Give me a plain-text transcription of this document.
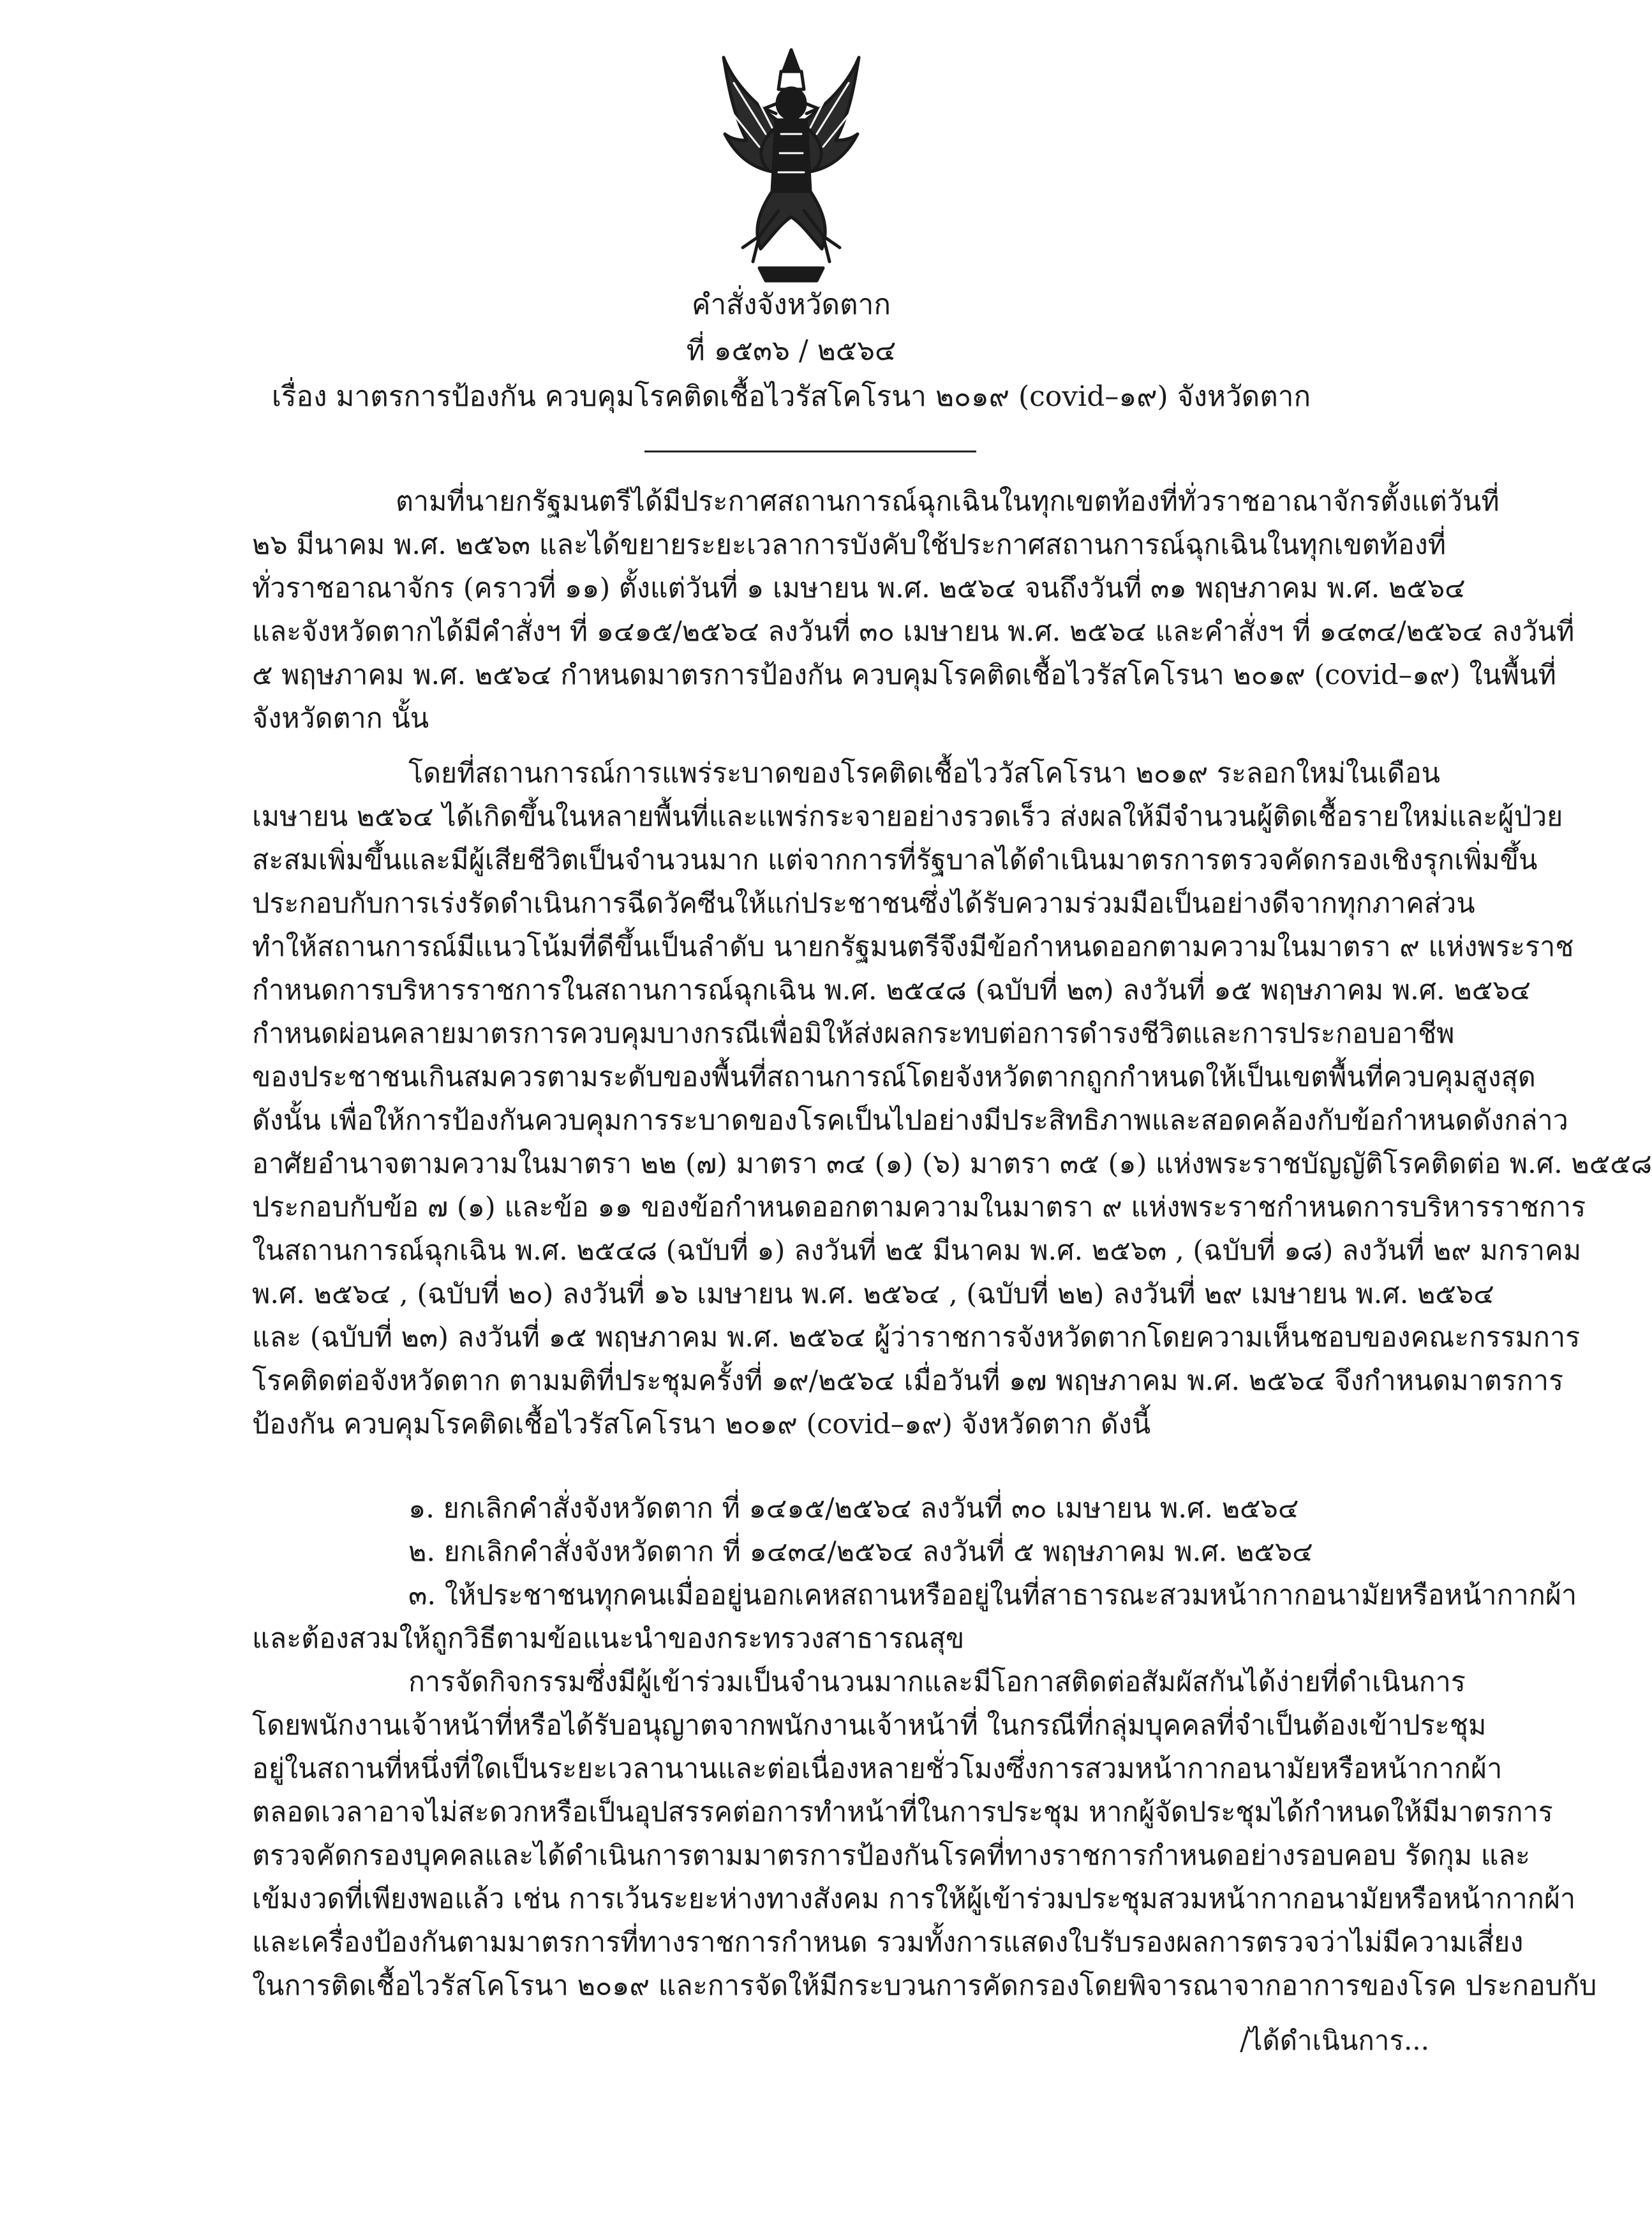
คำสั่งจังหวัดตาก
ที่ ๑๕๓๖ / ๒๕๖๔
เรื่อง มาตรการป้องกัน ควบคุมโรคติดเชื้อไวรัสโคโรนา ๒๐๑๙ (covid–๑๙) จังหวัดตาก
ตามที่นายกรัฐมนตรีได้มีประกาศสถานการณ์ฉุกเฉินในทุกเขตท้องที่ทั่วราชอาณาจักรตั้งแต่วันที่
๒๖ มีนาคม พ.ศ. ๒๕๖๓ และได้ขยายระยะเวลาการบังคับใช้ประกาศสถานการณ์ฉุกเฉินในทุกเขตท้องที่
ทั่วราชอาณาจักร (คราวที่ ๑๑) ตั้งแต่วันที่ ๑ เมษายน พ.ศ. ๒๕๖๔ จนถึงวันที่ ๓๑ พฤษภาคม พ.ศ. ๒๕๖๔
และจังหวัดตากได้มีคำสั่งฯ ที่ ๑๔๑๕/๒๕๖๔ ลงวันที่ ๓๐ เมษายน พ.ศ. ๒๕๖๔ และคำสั่งฯ ที่ ๑๔๓๔/๒๕๖๔ ลงวันที่
๕ พฤษภาคม พ.ศ. ๒๕๖๔ กำหนดมาตรการป้องกัน ควบคุมโรคติดเชื้อไวรัสโคโรนา ๒๐๑๙ (covid–๑๙) ในพื้นที่
จังหวัดตาก นั้น
โดยที่สถานการณ์การแพร่ระบาดของโรคติดเชื้อไววัสโคโรนา ๒๐๑๙ ระลอกใหม่ในเดือน
เมษายน ๒๕๖๔ ได้เกิดขึ้นในหลายพื้นที่และแพร่กระจายอย่างรวดเร็ว ส่งผลให้มีจำนวนผู้ติดเชื้อรายใหม่และผู้ป่วย
สะสมเพิ่มขึ้นและมีผู้เสียชีวิตเป็นจำนวนมาก แต่จากการที่รัฐบาลได้ดำเนินมาตรการตรวจคัดกรองเชิงรุกเพิ่มขึ้น
ประกอบกับการเร่งรัดดำเนินการฉีดวัคซีนให้แก่ประชาชนซึ่งได้รับความร่วมมือเป็นอย่างดีจากทุกภาคส่วน
ทำให้สถานการณ์มีแนวโน้มที่ดีขึ้นเป็นลำดับ นายกรัฐมนตรีจึงมีข้อกำหนดออกตามความในมาตรา ๙ แห่งพระราช
กำหนดการบริหารราชการในสถานการณ์ฉุกเฉิน พ.ศ. ๒๕๔๘ (ฉบับที่ ๒๓) ลงวันที่ ๑๕ พฤษภาคม พ.ศ. ๒๕๖๔
กำหนดผ่อนคลายมาตรการควบคุมบางกรณีเพื่อมิให้ส่งผลกระทบต่อการดำรงชีวิตและการประกอบอาชีพ
ของประชาชนเกินสมควรตามระดับของพื้นที่สถานการณ์โดยจังหวัดตากถูกกำหนดให้เป็นเขตพื้นที่ควบคุมสูงสุด
ดังนั้น เพื่อให้การป้องกันควบคุมการระบาดของโรคเป็นไปอย่างมีประสิทธิภาพและสอดคล้องกับข้อกำหนดดังกล่าว
อาศัยอำนาจตามความในมาตรา ๒๒ (๗) มาตรา ๓๔ (๑) (๖) มาตรา ๓๕ (๑) แห่งพระราชบัญญัติโรคติดต่อ พ.ศ. ๒๕๕๘
ประกอบกับข้อ ๗ (๑) และข้อ ๑๑ ของข้อกำหนดออกตามความในมาตรา ๙ แห่งพระราชกำหนดการบริหารราชการ
ในสถานการณ์ฉุกเฉิน พ.ศ. ๒๕๔๘ (ฉบับที่ ๑) ลงวันที่ ๒๕ มีนาคม พ.ศ. ๒๕๖๓ , (ฉบับที่ ๑๘) ลงวันที่ ๒๙ มกราคม
พ.ศ. ๒๕๖๔ , (ฉบับที่ ๒๐) ลงวันที่ ๑๖ เมษายน พ.ศ. ๒๕๖๔ , (ฉบับที่ ๒๒) ลงวันที่ ๒๙ เมษายน พ.ศ. ๒๕๖๔
และ (ฉบับที่ ๒๓) ลงวันที่ ๑๕ พฤษภาคม พ.ศ. ๒๕๖๔ ผู้ว่าราชการจังหวัดตากโดยความเห็นชอบของคณะกรรมการ
โรคติดต่อจังหวัดตาก ตามมติที่ประชุมครั้งที่ ๑๙/๒๕๖๔ เมื่อวันที่ ๑๗ พฤษภาคม พ.ศ. ๒๕๖๔ จึงกำหนดมาตรการ
ป้องกัน ควบคุมโรคติดเชื้อไวรัสโคโรนา ๒๐๑๙ (covid–๑๙) จังหวัดตาก ดังนี้
๑. ยกเลิกคำสั่งจังหวัดตาก ที่ ๑๔๑๕/๒๕๖๔ ลงวันที่ ๓๐ เมษายน พ.ศ. ๒๕๖๔
๒. ยกเลิกคำสั่งจังหวัดตาก ที่ ๑๔๓๔/๒๕๖๔ ลงวันที่ ๕ พฤษภาคม พ.ศ. ๒๕๖๔
๓. ให้ประชาชนทุกคนเมื่ออยู่นอกเคหสถานหรืออยู่ในที่สาธารณะสวมหน้ากากอนามัยหรือหน้ากากผ้า
และต้องสวมให้ถูกวิธีตามข้อแนะนำของกระทรวงสาธารณสุข
การจัดกิจกรรมซึ่งมีผู้เข้าร่วมเป็นจำนวนมากและมีโอกาสติดต่อสัมผัสกันได้ง่ายที่ดำเนินการ
โดยพนักงานเจ้าหน้าที่หรือได้รับอนุญาตจากพนักงานเจ้าหน้าที่ ในกรณีที่กลุ่มบุคคลที่จำเป็นต้องเข้าประชุม
อยู่ในสถานที่หนึ่งที่ใดเป็นระยะเวลานานและต่อเนื่องหลายชั่วโมงซึ่งการสวมหน้ากากอนามัยหรือหน้ากากผ้า
ตลอดเวลาอาจไม่สะดวกหรือเป็นอุปสรรคต่อการทำหน้าที่ในการประชุม หากผู้จัดประชุมได้กำหนดให้มีมาตรการ
ตรวจคัดกรองบุคคลและได้ดำเนินการตามมาตรการป้องกันโรคที่ทางราชการกำหนดอย่างรอบคอบ รัดกุม และ
เข้มงวดที่เพียงพอแล้ว เช่น การเว้นระยะห่างทางสังคม การให้ผู้เข้าร่วมประชุมสวมหน้ากากอนามัยหรือหน้ากากผ้า
และเครื่องป้องกันตามมาตรการที่ทางราชการกำหนด รวมทั้งการแสดงใบรับรองผลการตรวจว่าไม่มีความเสี่ยง
ในการติดเชื้อไวรัสโคโรนา ๒๐๑๙ และการจัดให้มีกระบวนการคัดกรองโดยพิจารณาจากอาการของโรค ประกอบกับ
/ได้ดำเนินการ...
